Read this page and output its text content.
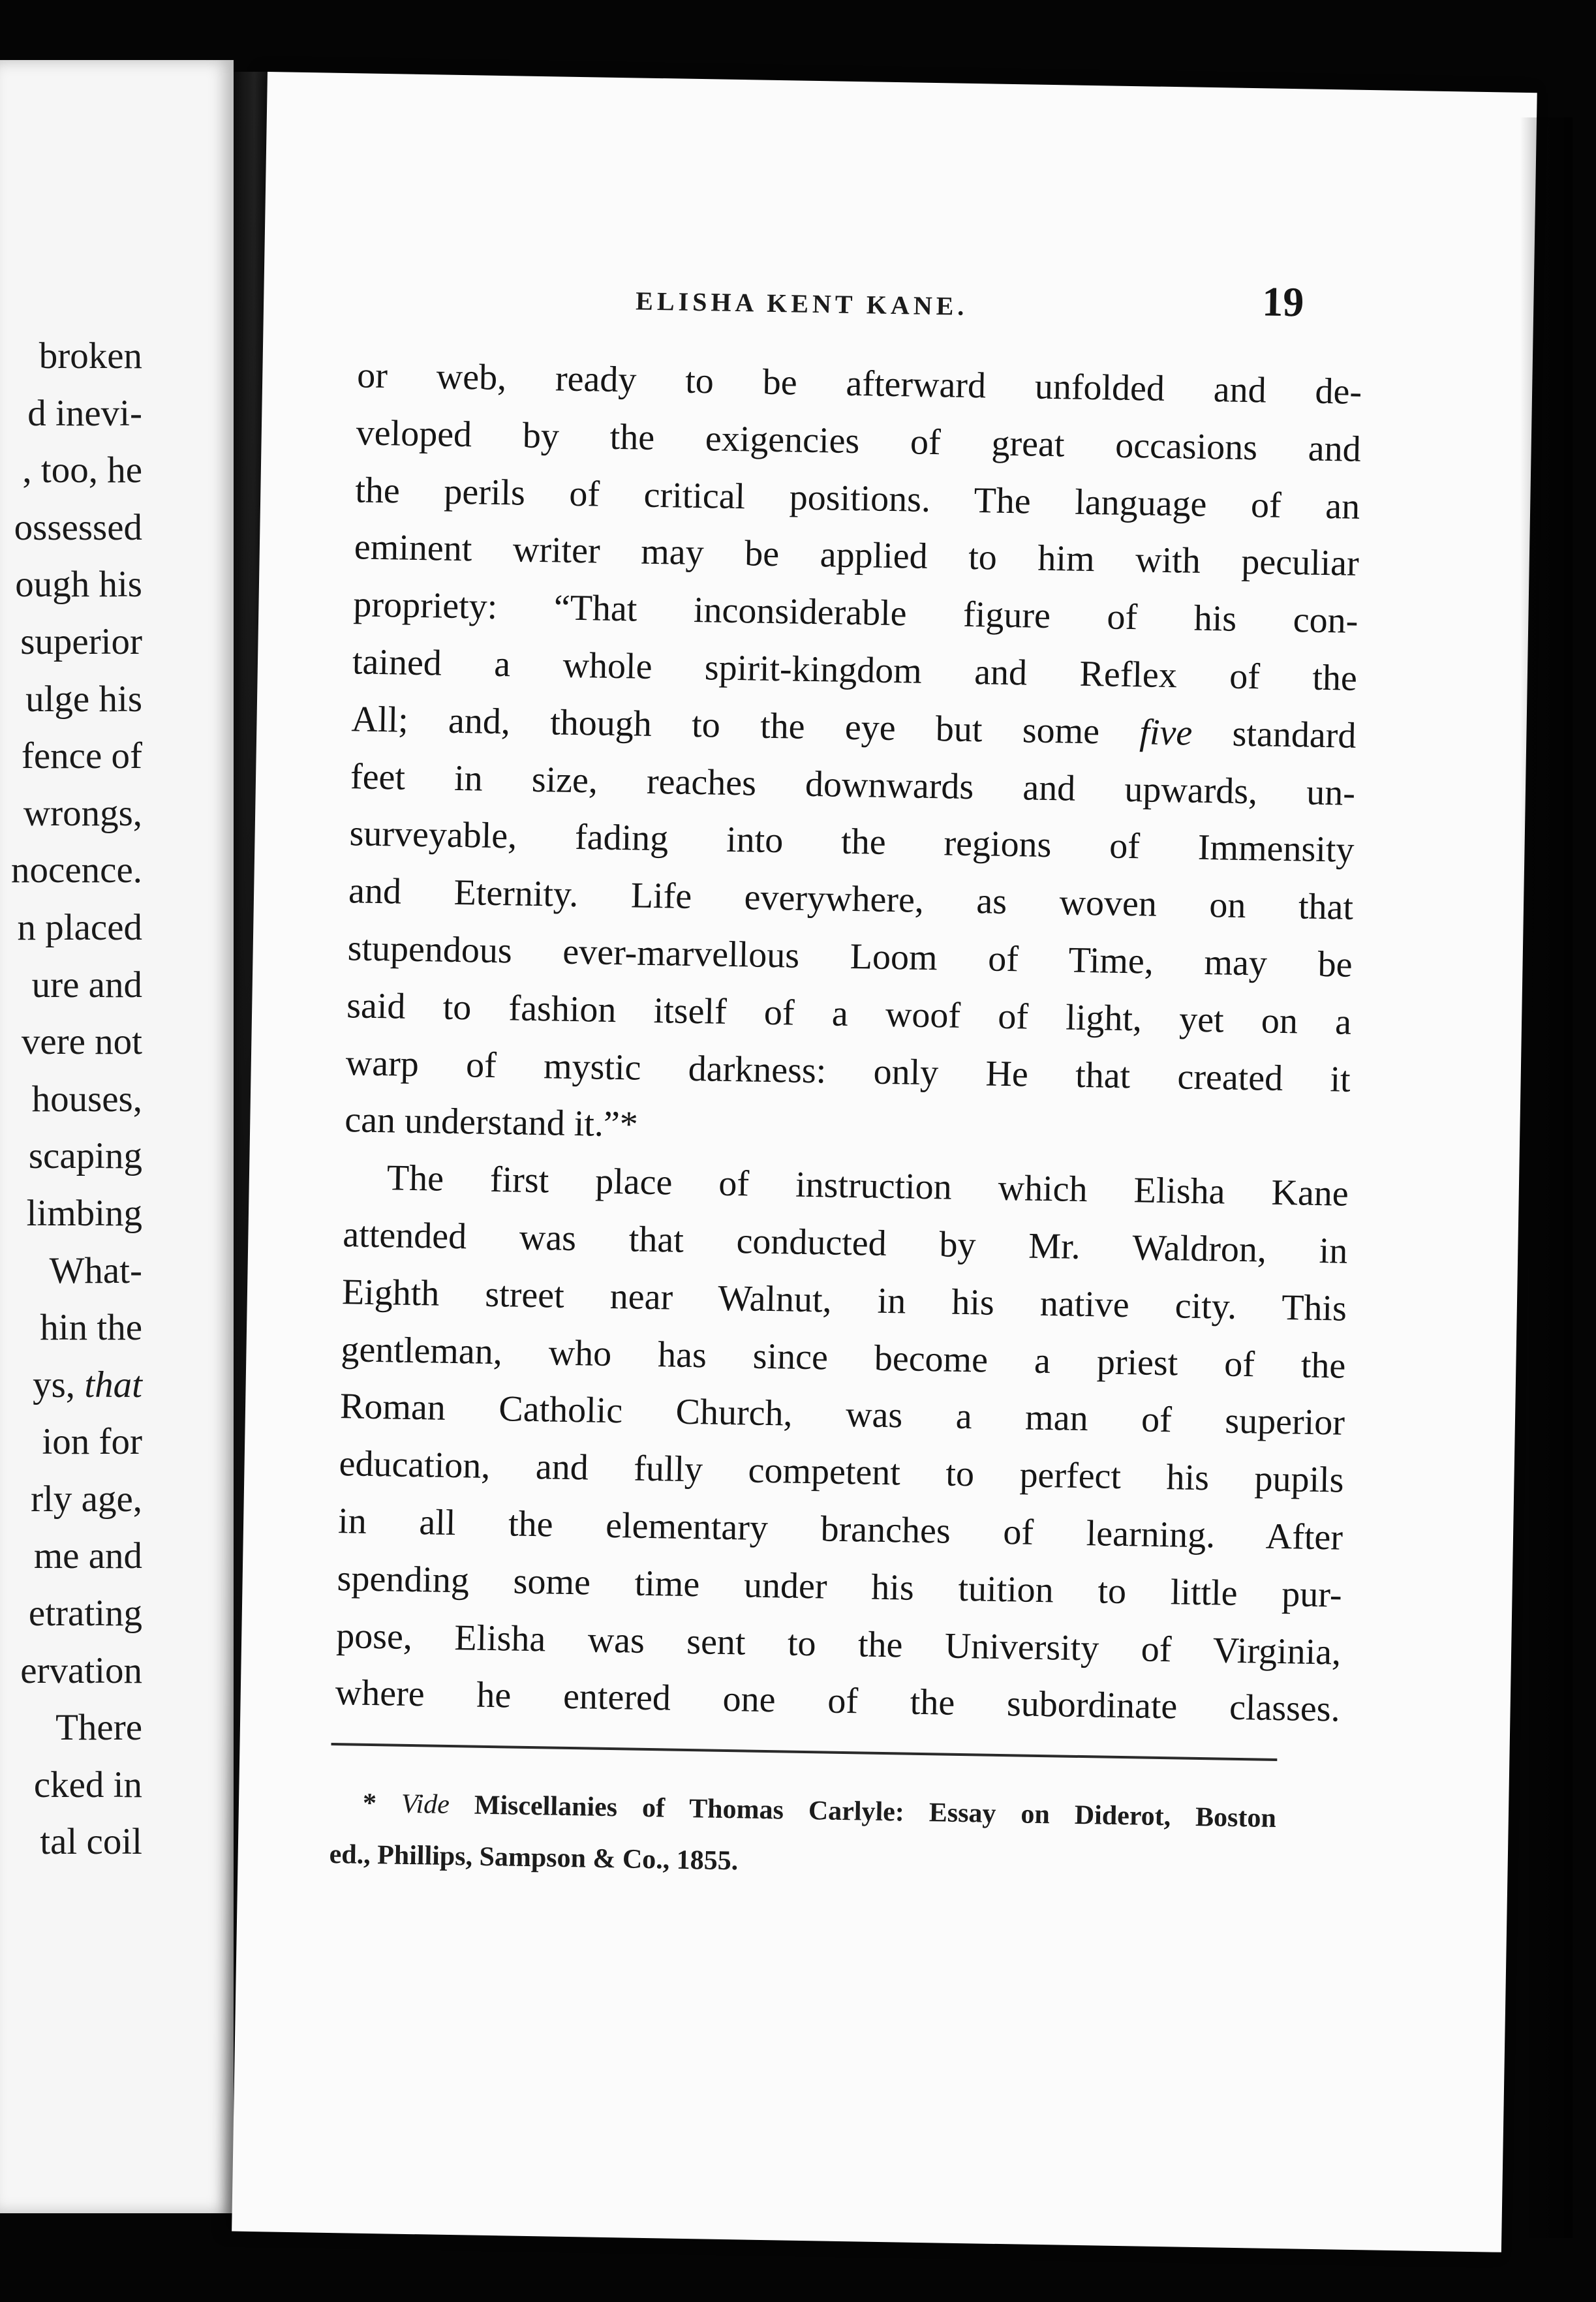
broken
d inevi-
, too, he
ossessed
ough his
superior
ulge his
fence of
wrongs,
nocence.
n placed
ure and
vere not
houses,
scaping
limbing
What-
hin the
ys, that
ion for
rly age,
me and
etrating
ervation
There
cked in
tal coil
ELISHA KENT KANE.	19
or web, ready to be afterward unfolded and de-
veloped by the exigencies of great occasions and
the perils of critical positions. The language of an
eminent writer may be applied to him with peculiar
propriety: “That inconsiderable figure of his con-
tained a whole spirit-kingdom and Reflex of the
All; and, though to the eye but some five standard
feet in size, reaches downwards and upwards, un-
surveyable, fading into the regions of Immensity
and Eternity. Life everywhere, as woven on that
stupendous ever-marvellous Loom of Time, may be
said to fashion itself of a woof of light, yet on a
warp of mystic darkness: only He that created it
can understand it.”*
The first place of instruction which Elisha Kane
attended was that conducted by Mr. Waldron, in
Eighth street near Walnut, in his native city. This
gentleman, who has since become a priest of the
Roman Catholic Church, was a man of superior
education, and fully competent to perfect his pupils
in all the elementary branches of learning. After
spending some time under his tuition to little pur-
pose, Elisha was sent to the University of Virginia,
where he entered one of the subordinate classes.
* Vide Miscellanies of Thomas Carlyle: Essay on Diderot, Boston
ed., Phillips, Sampson & Co., 1855.
